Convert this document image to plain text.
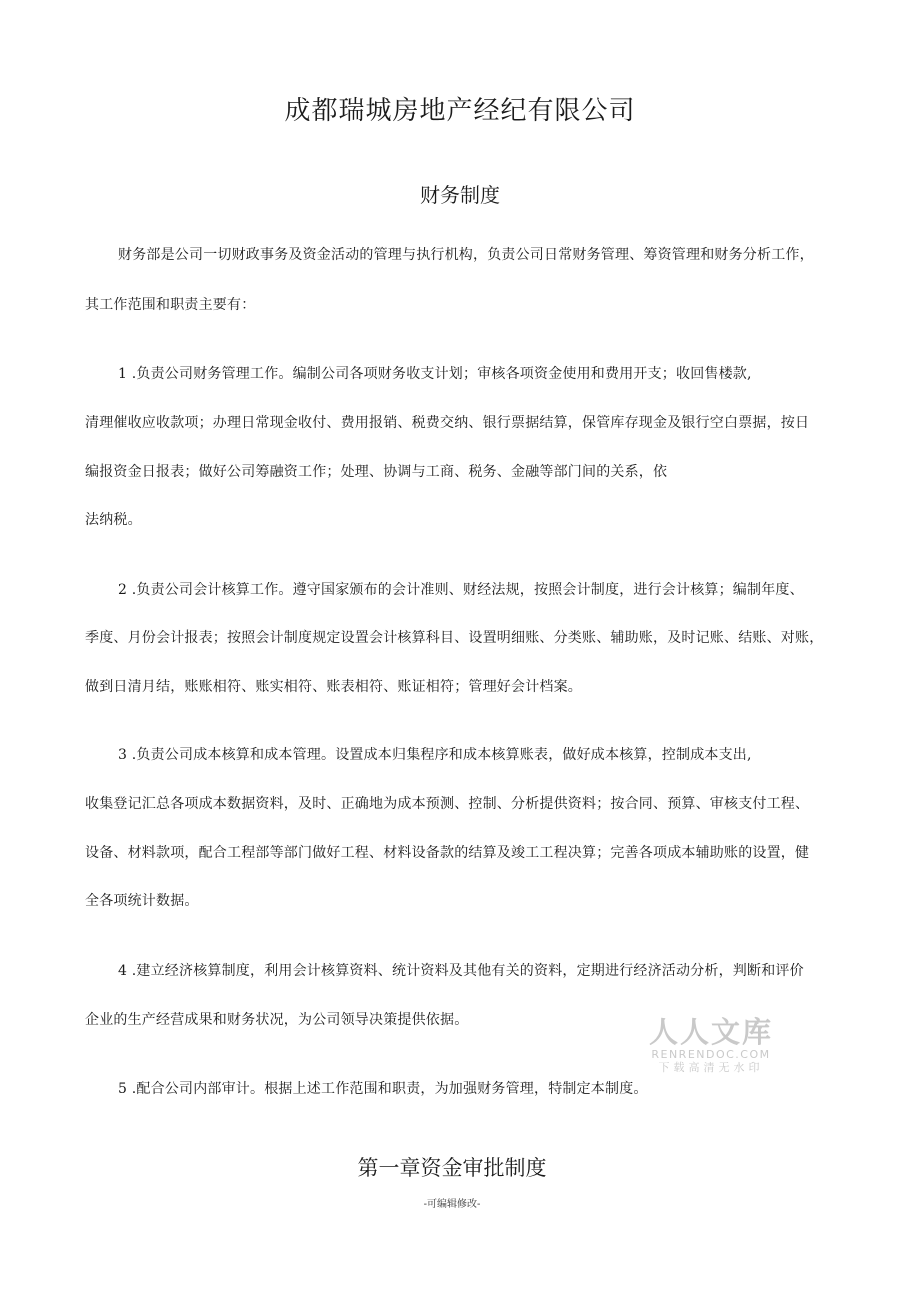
成都瑞城房地产经纪有限公司
财务制度
财务部是公司一切财政事务及资金活动的管理与执行机构，负责公司日常财务管理、筹资管理和财务分析工作，
其工作范围和职责主要有：
1 .负责公司财务管理工作。编制公司各项财务收支计划；审核各项资金使用和费用开支；收回售楼款,
清理催收应收款项；办理日常现金收付、费用报销、税费交纳、银行票据结算，保管库存现金及银行空白票据，按日
编报资金日报表；做好公司筹融资工作；处理、协调与工商、税务、金融等部门间的关系，依
法纳税。
2 .负责公司会计核算工作。遵守国家颁布的会计准则、财经法规，按照会计制度，进行会计核算；编制年度、
季度、月份会计报表；按照会计制度规定设置会计核算科目、设置明细账、分类账、辅助账，及时记账、结账、对账，
做到日清月结，账账相符、账实相符、账表相符、账证相符；管理好会计档案。
3 .负责公司成本核算和成本管理。设置成本归集程序和成本核算账表，做好成本核算，控制成本支出,
收集登记汇总各项成本数据资料，及时、正确地为成本预测、控制、分析提供资料；按合同、预算、审核支付工程、
设备、材料款项，配合工程部等部门做好工程、材料设备款的结算及竣工工程决算；完善各项成本辅助账的设置，健
全各项统计数据。
4 .建立经济核算制度，利用会计核算资料、统计资料及其他有关的资料，定期进行经济活动分析，判断和评价
企业的生产经营成果和财务状况，为公司领导决策提供依据。
5 .配合公司内部审计。根据上述工作范围和职责，为加强财务管理，特制定本制度。
第一章资金审批制度
-可编辑修改-
人人文库
RENRENDOC.COM
下载高清无水印
